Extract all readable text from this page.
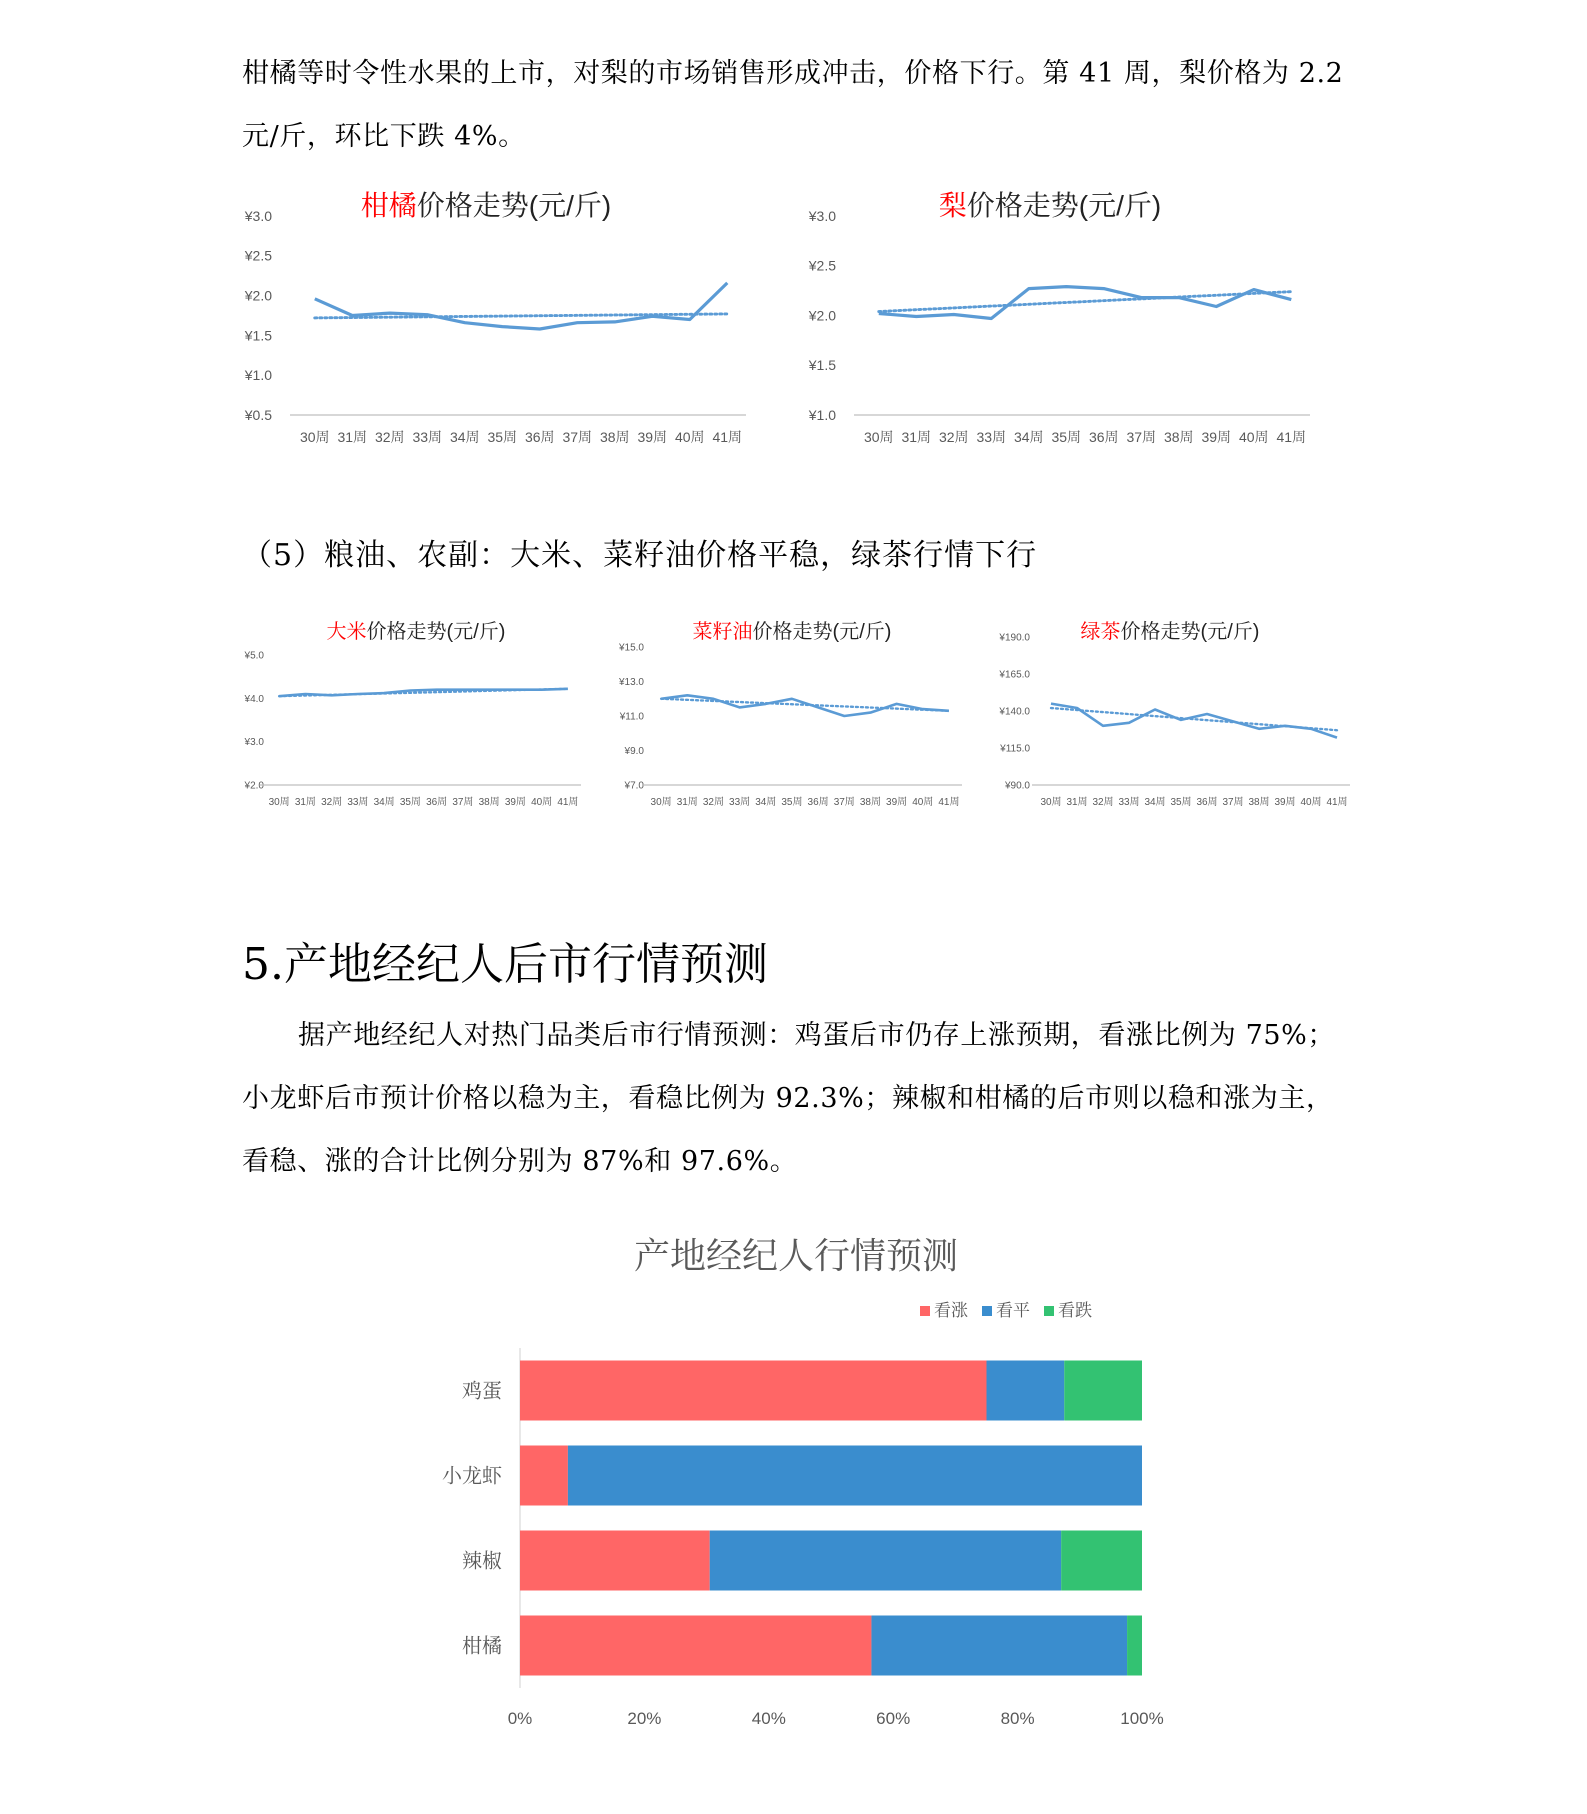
柑橘等时令性水果的上市，对梨的市场销售形成冲击，价格下行。第 41 周，梨价格为 2.2

元/斤，环比下跌 4%。

柑橘价格走势(元/斤)
¥0.5
¥1.0
¥1.5
¥2.0
¥2.5
¥3.0
30周 31周 32周 33周 34周 35周 36周 37周 38周 39周 40周 41周
梨价格走势(元/斤)
¥1.0
¥1.5
¥2.0
¥2.5
¥3.0
30周 31周 32周 33周 34周 35周 36周 37周 38周 39周 40周 41周

（5）粮油、农副：大米、菜籽油价格平稳，绿茶行情下行

大米价格走势(元/斤)
¥2.0
¥3.0
¥4.0
¥5.0
30周 31周 32周 33周 34周 35周 36周 37周 38周 39周 40周 41周
菜籽油价格走势(元/斤)
¥7.0
¥9.0
¥11.0
¥13.0
¥15.0
30周 31周 32周 33周 34周 35周 36周 37周 38周 39周 40周 41周
绿茶价格走势(元/斤)
¥90.0
¥115.0
¥140.0
¥165.0
¥190.0
30周 31周 32周 33周 34周 35周 36周 37周 38周 39周 40周 41周
5.产地经纪人后市行情预测

据产地经纪人对热门品类后市行情预测：鸡蛋后市仍存上涨预期，看涨比例为 75%；

小龙虾后市预计价格以稳为主，看稳比例为 92.3%；辣椒和柑橘的后市则以稳和涨为主，

看稳、涨的合计比例分别为 87%和 97.6%。

产地经纪人行情预测
看涨 看平 看跌
鸡蛋
小龙虾
辣椒
柑橘
0%	20%	40%	60%	80%	100%
